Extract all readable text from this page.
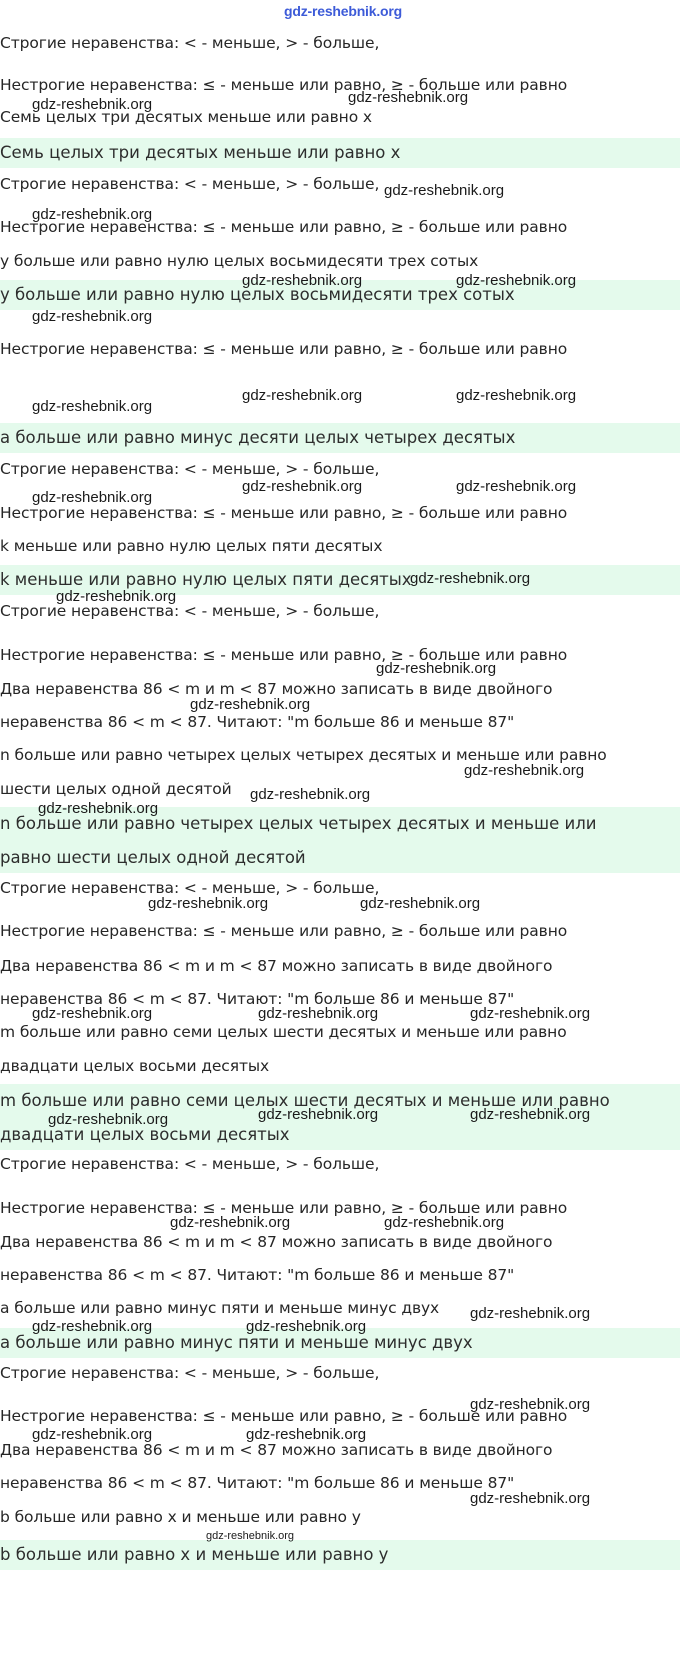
gdz-reshebnik.org
Строгие неравенства: < - меньше, > - больше,
Нестрогие неравенства: ≤ - меньше или равно, ≥ - больше или равно
Семь целых три десятых меньше или равно x
Семь целых три десятых меньше или равно x
Строгие неравенства: < - меньше, > - больше,
Нестрогие неравенства: ≤ - меньше или равно, ≥ - больше или равно
y больше или равно нулю целых восьмидесяти трех сотых
y больше или равно нулю целых восьмидесяти трех сотых
Нестрогие неравенства: ≤ - меньше или равно, ≥ - больше или равно
a больше или равно минус десяти целых четырех десятых
Строгие неравенства: < - меньше, > - больше,
Нестрогие неравенства: ≤ - меньше или равно, ≥ - больше или равно
k меньше или равно нулю целых пяти десятых
k меньше или равно нулю целых пяти десятых
Строгие неравенства: < - меньше, > - больше,
Нестрогие неравенства: ≤ - меньше или равно, ≥ - больше или равно
Два неравенства 86 < m и m < 87 можно записать в виде двойного
неравенства 86 < m < 87. Читают: "m больше 86 и меньше 87"
n больше или равно четырех целых четырех десятых и меньше или равно
шести целых одной десятой
n больше или равно четырех целых четырех десятых и меньше или
равно шести целых одной десятой
Строгие неравенства: < - меньше, > - больше,
Нестрогие неравенства: ≤ - меньше или равно, ≥ - больше или равно
Два неравенства 86 < m и m < 87 можно записать в виде двойного
неравенства 86 < m < 87. Читают: "m больше 86 и меньше 87"
m больше или равно семи целых шести десятых и меньше или равно
двадцати целых восьми десятых
m больше или равно семи целых шести десятых и меньше или равно
двадцати целых восьми десятых
Строгие неравенства: < - меньше, > - больше,
Нестрогие неравенства: ≤ - меньше или равно, ≥ - больше или равно
Два неравенства 86 < m и m < 87 можно записать в виде двойного
неравенства 86 < m < 87. Читают: "m больше 86 и меньше 87"
a больше или равно минус пяти и меньше минус двух
a больше или равно минус пяти и меньше минус двух
Строгие неравенства: < - меньше, > - больше,
Нестрогие неравенства: ≤ - меньше или равно, ≥ - больше или равно
Два неравенства 86 < m и m < 87 можно записать в виде двойного
неравенства 86 < m < 87. Читают: "m больше 86 и меньше 87"
b больше или равно x и меньше или равно y
b больше или равно x и меньше или равно y
gdz-reshebnik.org
gdz-reshebnik.org
gdz-reshebnik.org
gdz-reshebnik.org
gdz-reshebnik.org	gdz-reshebnik.org
gdz-reshebnik.org
gdz-reshebnik.org	gdz-reshebnik.org
gdz-reshebnik.org
gdz-reshebnik.org	gdz-reshebnik.org
gdz-reshebnik.org
gdz-reshebnik.org
gdz-reshebnik.org
gdz-reshebnik.org
gdz-reshebnik.org
gdz-reshebnik.org
gdz-reshebnik.org
gdz-reshebnik.org
gdz-reshebnik.org	gdz-reshebnik.org
gdz-reshebnik.org	gdz-reshebnik.org	gdz-reshebnik.org
gdz-reshebnik.org	gdz-reshebnik.org	gdz-reshebnik.org
gdz-reshebnik.org	gdz-reshebnik.org
gdz-reshebnik.org
gdz-reshebnik.org	gdz-reshebnik.org
gdz-reshebnik.org
gdz-reshebnik.org	gdz-reshebnik.org
gdz-reshebnik.org
gdz-reshebnik.org
